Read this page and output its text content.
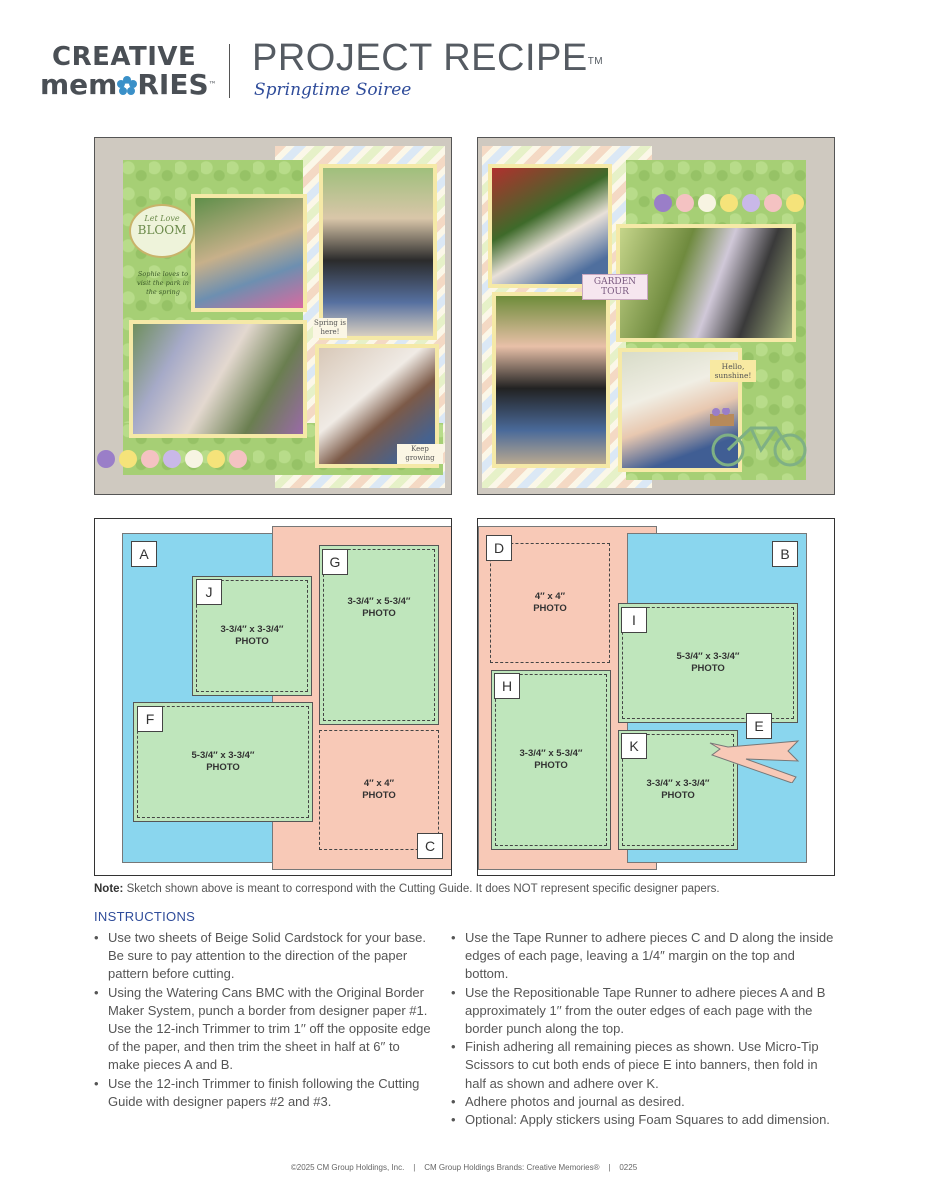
CREATIVE
mem RIES™
PROJECT RECIPE™
Springtime Soiree
Let Love
BLOOM
Sophie loves to visit the park in the spring
Spring is here!
Keep growing
GARDEN TOUR
Hello, sunshine!
3-3/4″ x 3-3/4″
PHOTO
3-3/4″ x 5-3/4″
PHOTO
5-3/4″ x 3-3/4″
PHOTO
4″ x 4″
PHOTO
A	G
J
F
C
4″ x 4″
PHOTO
3-3/4″ x 5-3/4″
PHOTO
5-3/4″ x 3-3/4″
PHOTO
3-3/4″ x 3-3/4″
PHOTO
D	B
I
H
E
K
Note: Sketch shown above is meant to correspond with the Cutting Guide. It does NOT represent specific designer papers.
INSTRUCTIONS
• Use two sheets of Beige Solid Cardstock for your base. Be sure to pay attention to the direction of the paper pattern before cutting.
• Using the Watering Cans BMC with the Original Border Maker System, punch a border from designer paper #1. Use the 12-inch Trimmer to trim 1′′ off the opposite edge of the paper, and then trim the sheet in half at 6′′ to make pieces A and B.
• Use the 12-inch Trimmer to finish following the Cutting Guide with designer papers #2 and #3.
• Use the Tape Runner to adhere pieces C and D along the inside edges of each page, leaving a 1/4″ margin on the top and bottom.
• Use the Repositionable Tape Runner to adhere pieces A and B approximately 1′′ from the outer edges of each page with the border punch along the top.
• Finish adhering all remaining pieces as shown. Use Micro-Tip Scissors to cut both ends of piece E into banners, then fold in half as shown and adhere over K.
• Adhere photos and journal as desired.
• Optional: Apply stickers using Foam Squares to add dimension.
©2025 CM Group Holdings, Inc.    |    CM Group Holdings Brands: Creative Memories®    |    0225
